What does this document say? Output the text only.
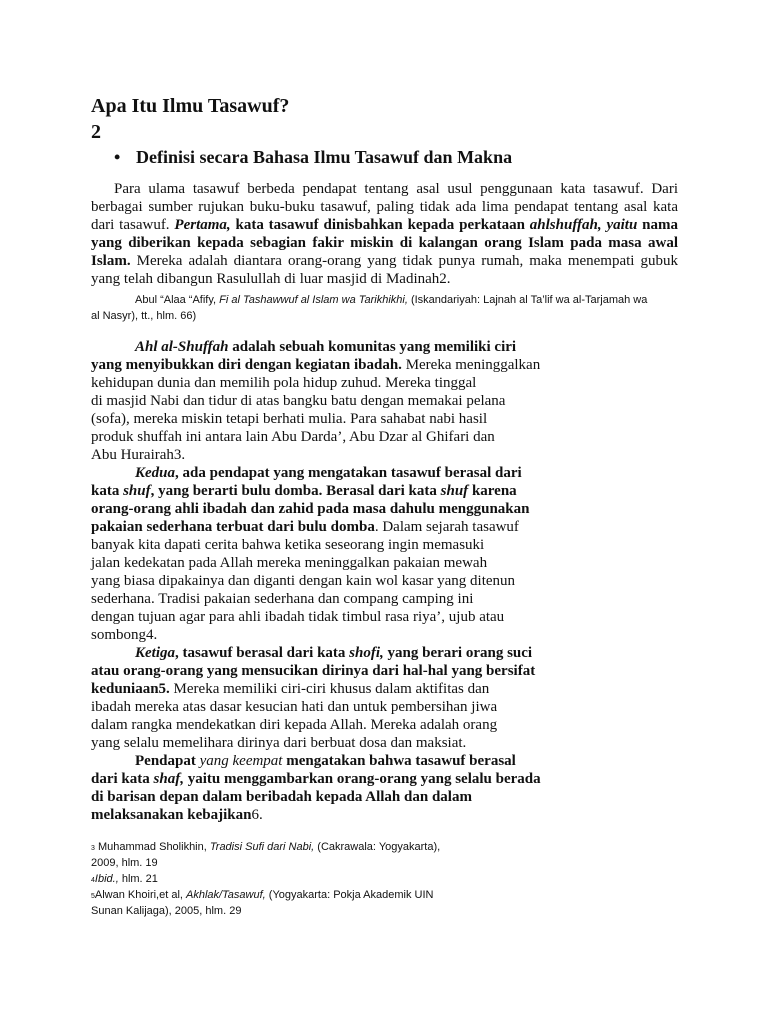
Apa Itu Ilmu Tasawuf?
2
• Definisi secara Bahasa Ilmu Tasawuf dan Makna
Para ulama tasawuf berbeda pendapat tentang asal usul penggunaan kata tasawuf. Dari
berbagai sumber rujukan buku-buku tasawuf, paling tidak ada lima pendapat tentang asal kata
dari tasawuf. Pertama, kata tasawuf dinisbahkan kepada perkataan ahlshuffah, yaitu nama
yang diberikan kepada sebagian fakir miskin di kalangan orang Islam pada masa awal
Islam. Mereka adalah diantara orang-orang yang tidak punya rumah, maka menempati gubuk
yang telah dibangun Rasulullah di luar masjid di Madinah2.
Abul “Alaa “Afify, Fi al Tashawwuf al Islam wa Tarikhikhi, (Iskandariyah: Lajnah al Ta’lif wa al-Tarjamah wa
al Nasyr), tt., hlm. 66)
Ahl al-Shuffah adalah sebuah komunitas yang memiliki ciri
yang menyibukkan diri dengan kegiatan ibadah. Mereka meninggalkan
kehidupan dunia dan memilih pola hidup zuhud. Mereka tinggal
di masjid Nabi dan tidur di atas bangku batu dengan memakai pelana
(sofa), mereka miskin tetapi berhati mulia. Para sahabat nabi hasil
produk shuffah ini antara lain Abu Darda’, Abu Dzar al Ghifari dan
Abu Hurairah3.
Kedua, ada pendapat yang mengatakan tasawuf berasal dari
kata shuf, yang berarti bulu domba. Berasal dari kata shuf karena
orang-orang ahli ibadah dan zahid pada masa dahulu menggunakan
pakaian sederhana terbuat dari bulu domba. Dalam sejarah tasawuf
banyak kita dapati cerita bahwa ketika seseorang ingin memasuki
jalan kedekatan pada Allah mereka meninggalkan pakaian mewah
yang biasa dipakainya dan diganti dengan kain wol kasar yang ditenun
sederhana. Tradisi pakaian sederhana dan compang camping ini
dengan tujuan agar para ahli ibadah tidak timbul rasa riya’, ujub atau
sombong4.
Ketiga, tasawuf berasal dari kata shofi, yang berari orang suci
atau orang-orang yang mensucikan dirinya dari hal-hal yang bersifat
keduniaan5. Mereka memiliki ciri-ciri khusus dalam aktifitas dan
ibadah mereka atas dasar kesucian hati dan untuk pembersihan jiwa
dalam rangka mendekatkan diri kepada Allah. Mereka adalah orang
yang selalu memelihara dirinya dari berbuat dosa dan maksiat.
Pendapat yang keempat mengatakan bahwa tasawuf berasal
dari kata shaf, yaitu menggambarkan orang-orang yang selalu berada
di barisan depan dalam beribadah kepada Allah dan dalam
melaksanakan kebajikan6.
3 Muhammad Sholikhin, Tradisi Sufi dari Nabi, (Cakrawala: Yogyakarta),
2009, hlm. 19
4Ibid., hlm. 21
5Alwan Khoiri,et al, Akhlak/Tasawuf, (Yogyakarta: Pokja Akademik UIN
Sunan Kalijaga), 2005, hlm. 29
